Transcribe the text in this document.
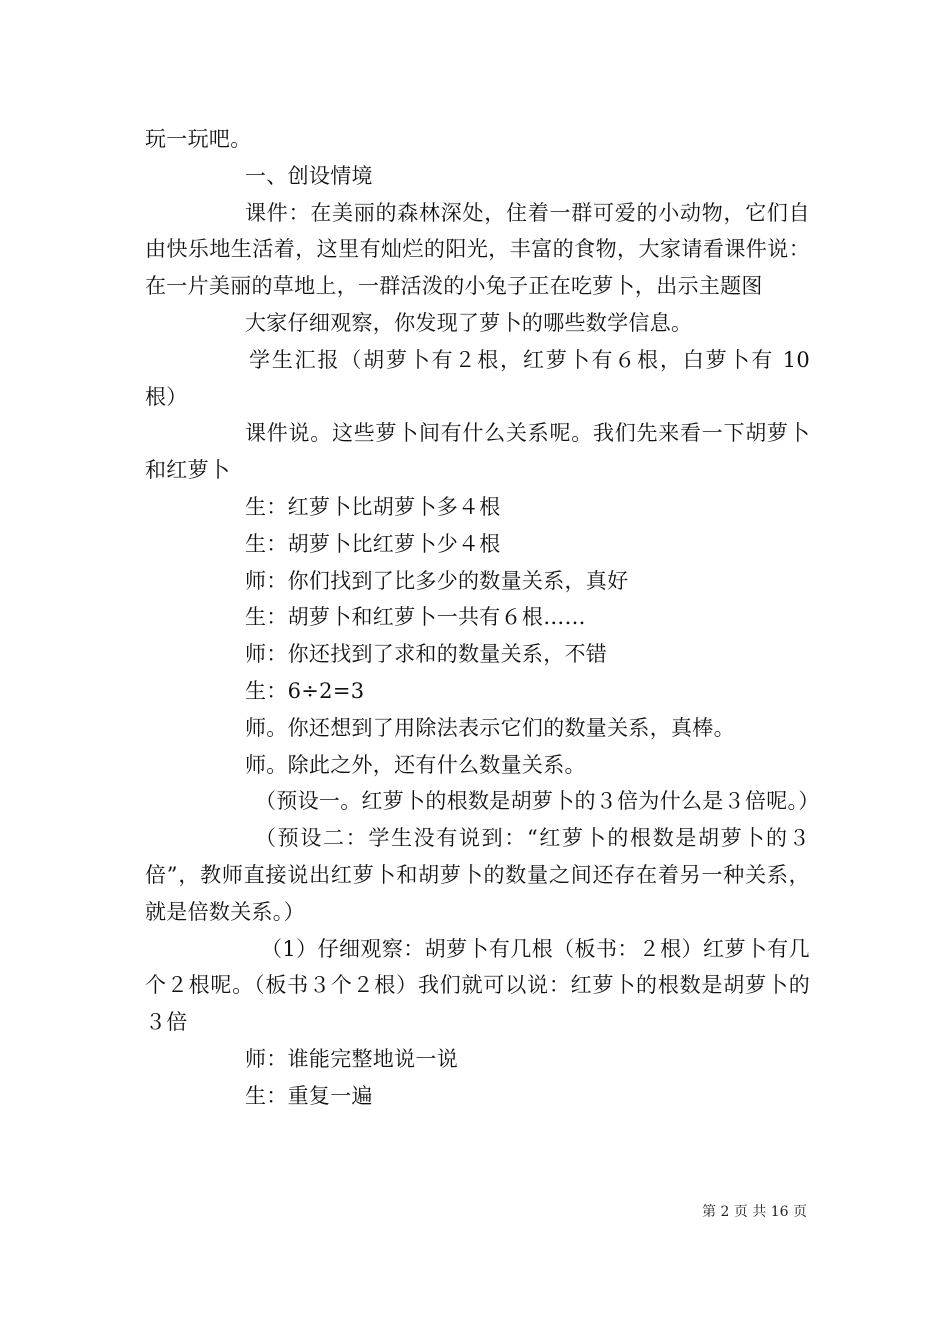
玩一玩吧。

一、创设情境

课件：在美丽的森林深处，住着一群可爱的小动物，它们自由快乐地生活着，这里有灿烂的阳光，丰富的食物，大家请看课件说：在一片美丽的草地上，一群活泼的小兔子正在吃萝卜，出示主题图

大家仔细观察，你发现了萝卜的哪些数学信息。

学生汇报（胡萝卜有２根，红萝卜有６根，白萝卜有 10 根）

课件说。这些萝卜间有什么关系呢。我们先来看一下胡萝卜和红萝卜

生：红萝卜比胡萝卜多４根

生：胡萝卜比红萝卜少４根

师：你们找到了比多少的数量关系，真好

生：胡萝卜和红萝卜一共有６根……

师：你还找到了求和的数量关系，不错

生：6÷2=3

师。你还想到了用除法表示它们的数量关系，真棒。

师。除此之外，还有什么数量关系。

（预设一。红萝卜的根数是胡萝卜的３倍为什么是３倍呢。）

（预设二：学生没有说到：“红萝卜的根数是胡萝卜的３倍”，教师直接说出红萝卜和胡萝卜的数量之间还存在着另一种关系，就是倍数关系。）

（1）仔细观察：胡萝卜有几根（板书：２根）红萝卜有几个２根呢。（板书３个２根）我们就可以说：红萝卜的根数是胡萝卜的３倍

师：谁能完整地说一说

生：重复一遍

第 2 页 共 16 页
